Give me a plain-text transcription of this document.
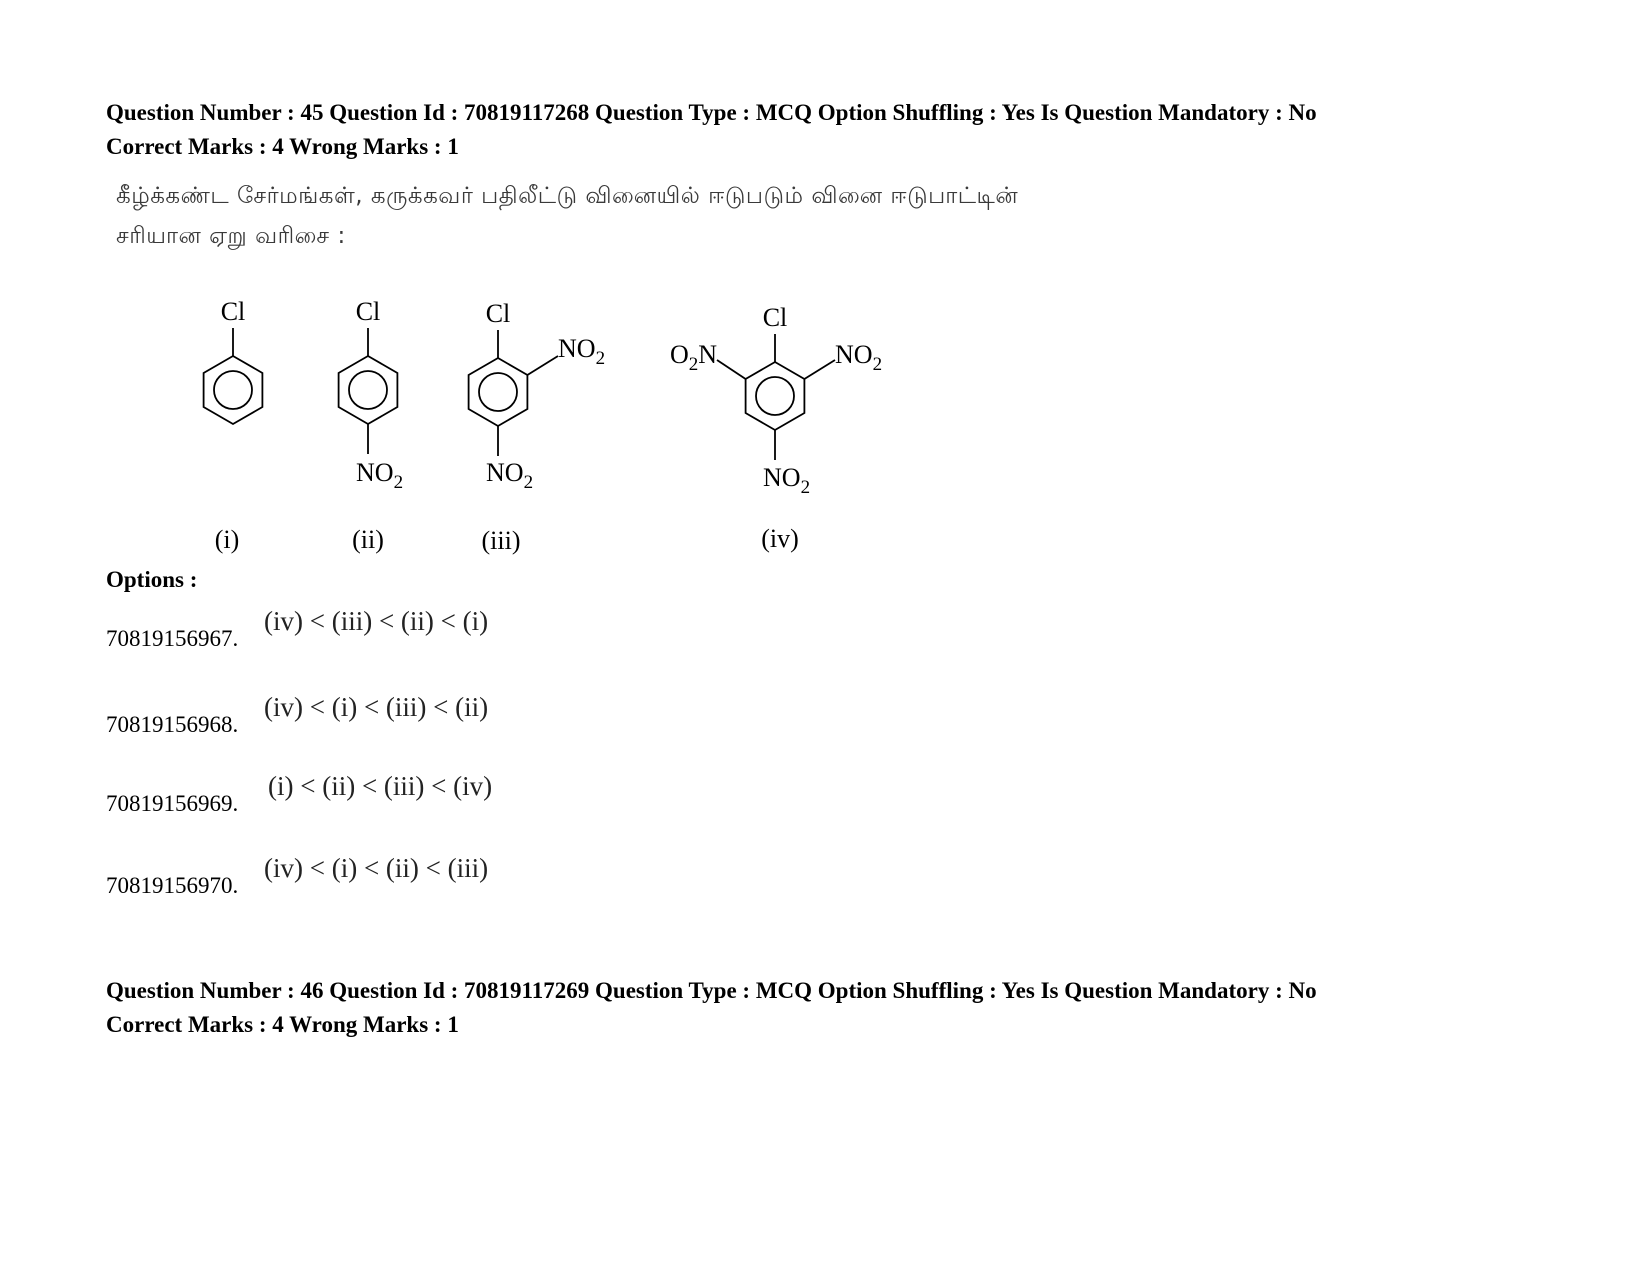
Question Number : 45 Question Id : 70819117268 Question Type : MCQ Option Shuffling : Yes Is Question Mandatory : No
Correct Marks : 4 Wrong Marks : 1
கீழ்க்கண்ட சேர்மங்கள், கருக்கவர் பதிலீட்டு வினையில் ஈடுபடும் வினை ஈடுபாட்டின்
சரியான ஏறு வரிசை :
Cl
(i)
Cl
$NO_2$
(ii)
Cl
$NO_2$
$NO_2$
(iii)
Cl
$NO_2$
$O_2N$
$NO_2$
(iv)
Options :
70819156967.
(iv) < (iii) < (ii) < (i)
70819156968.
(iv) < (i) < (iii) < (ii)
70819156969.
(i) < (ii) < (iii) < (iv)
70819156970.
(iv) < (i) < (ii) < (iii)
Question Number : 46 Question Id : 70819117269 Question Type : MCQ Option Shuffling : Yes Is Question Mandatory : No
Correct Marks : 4 Wrong Marks : 1
